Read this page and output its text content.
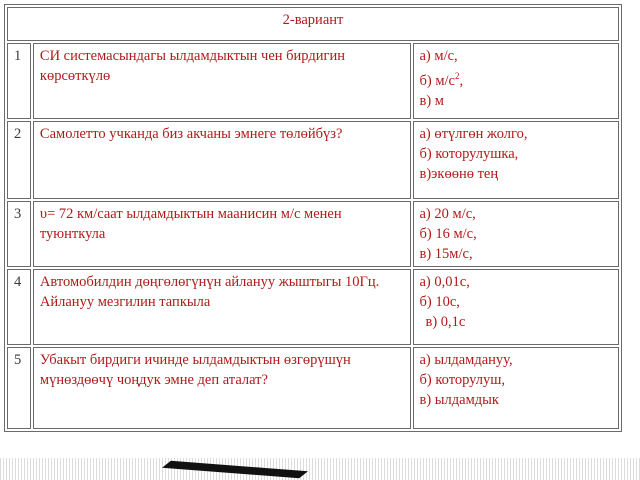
2-вариант		
1	СИ системасындагы ылдамдыктын чен бирдигин көрсөткүлө	а) м/с,
б) $м/с^2$,
в) м

2	Самолетто учканда биз акчаны эмнеге төлөйбүз?	а) өтүлгөн жолго,
б) которулушка,
в)экөөнө тең

3	υ= 72 км/саат ылдамдыктын маанисин м/с менен туюнткула	а) 20 м/с,
б) 16 м/с,
в) 15м/с,

4	Автомобилдин дөңгөлөгүнүн айлануу жыштыгы 10Гц. Айлануу мезгилин тапкыла	а) 0,01с,
б) 10с,
в) 0,1с

5	Убакыт бирдиги ичинде ылдамдыктын өзгөрүшүн мүнөздөөчү чоңдук эмне деп аталат?	а) ылдамдануу,
б) которулуш,
в) ылдамдык
